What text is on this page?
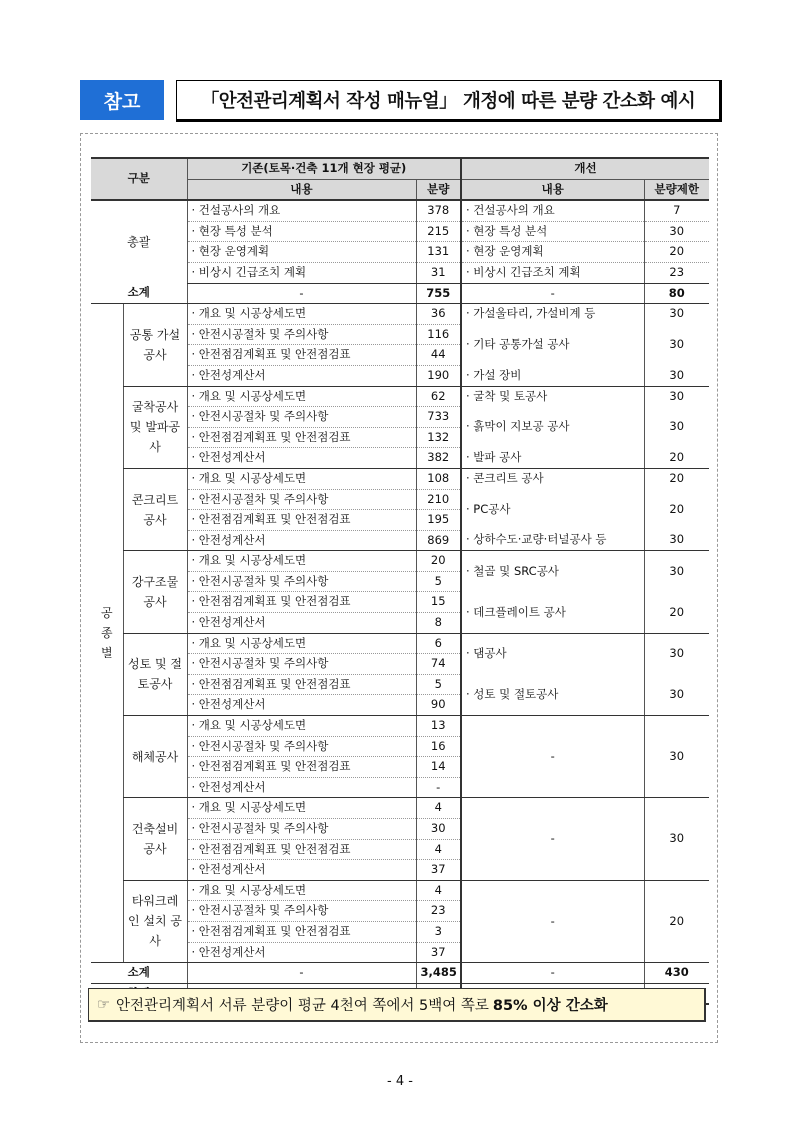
참고	「안전관리계획서 작성 매뉴얼」 개정에 따른 분량 간소화 예시
구분		기존(토목·건축 11개 현장 평균)		개선	
		내용	분량	내용	분량제한
총괄		· 건설공사의 개요	378	· 건설공사의 개요	7
		· 현장 특성 분석	215	· 현장 특성 분석	30
		· 현장 운영계획	131	· 현장 운영계획	20
		· 비상시 긴급조치 계획	31	· 비상시 긴급조치 계획	23
소계		-	755	-	80
공종별	공통 가설공사	· 개요 및 시공상세도면	36	· 가설울타리, 가설비계 등	30
		· 안전시공절차 및 주의사항	116	· 기타 공통가설 공사	30
		· 안전점검계획표 및 안전점검표	44		
		· 안전성계산서	190	· 가설 장비	30
	굴착공사 및 발파공사	· 개요 및 시공상세도면	62	· 굴착 및 토공사	30
		· 안전시공절차 및 주의사항	733	· 흙막이 지보공 공사	30
		· 안전점검계획표 및 안전점검표	132		
		· 안전성계산서	382	· 발파 공사	20
	콘크리트 공사	· 개요 및 시공상세도면	108	· 콘크리트 공사	20
		· 안전시공절차 및 주의사항	210	· PC공사	20
		· 안전점검계획표 및 안전점검표	195		
		· 안전성계산서	869	· 상하수도·교량·터널공사 등	30
	강구조물 공사	· 개요 및 시공상세도면	20	· 철골 및 SRC공사	30
		· 안전시공절차 및 주의사항	5		
		· 안전점검계획표 및 안전점검표	15	· 데크플레이트 공사	20
		· 안전성계산서	8		
	성토 및 절토공사	· 개요 및 시공상세도면	6	· 댐공사	30
		· 안전시공절차 및 주의사항	74		
		· 안전점검계획표 및 안전점검표	5	· 성토 및 절토공사	30
		· 안전성계산서	90		
	해체공사	· 개요 및 시공상세도면	13	-	30
		· 안전시공절차 및 주의사항	16		
		· 안전점검계획표 및 안전점검표	14		
		· 안전성계산서	-		
	건축설비 공사	· 개요 및 시공상세도면	4	-	30
		· 안전시공절차 및 주의사항	30		
		· 안전점검계획표 및 안전점검표	4		
		· 안전성계산서	37		
	타워크레인 설치 공사	· 개요 및 시공상세도면	4	-	20
		· 안전시공절차 및 주의사항	23		
		· 안전점검계획표 및 안전점검표	3		
		· 안전성계산서	37		
소계		-	3,485	-	430

☞ 안전관리계획서 서류 분량이 평균 4천여 쪽에서 5백여 쪽로 85% 이상 간소화
- 4 -
